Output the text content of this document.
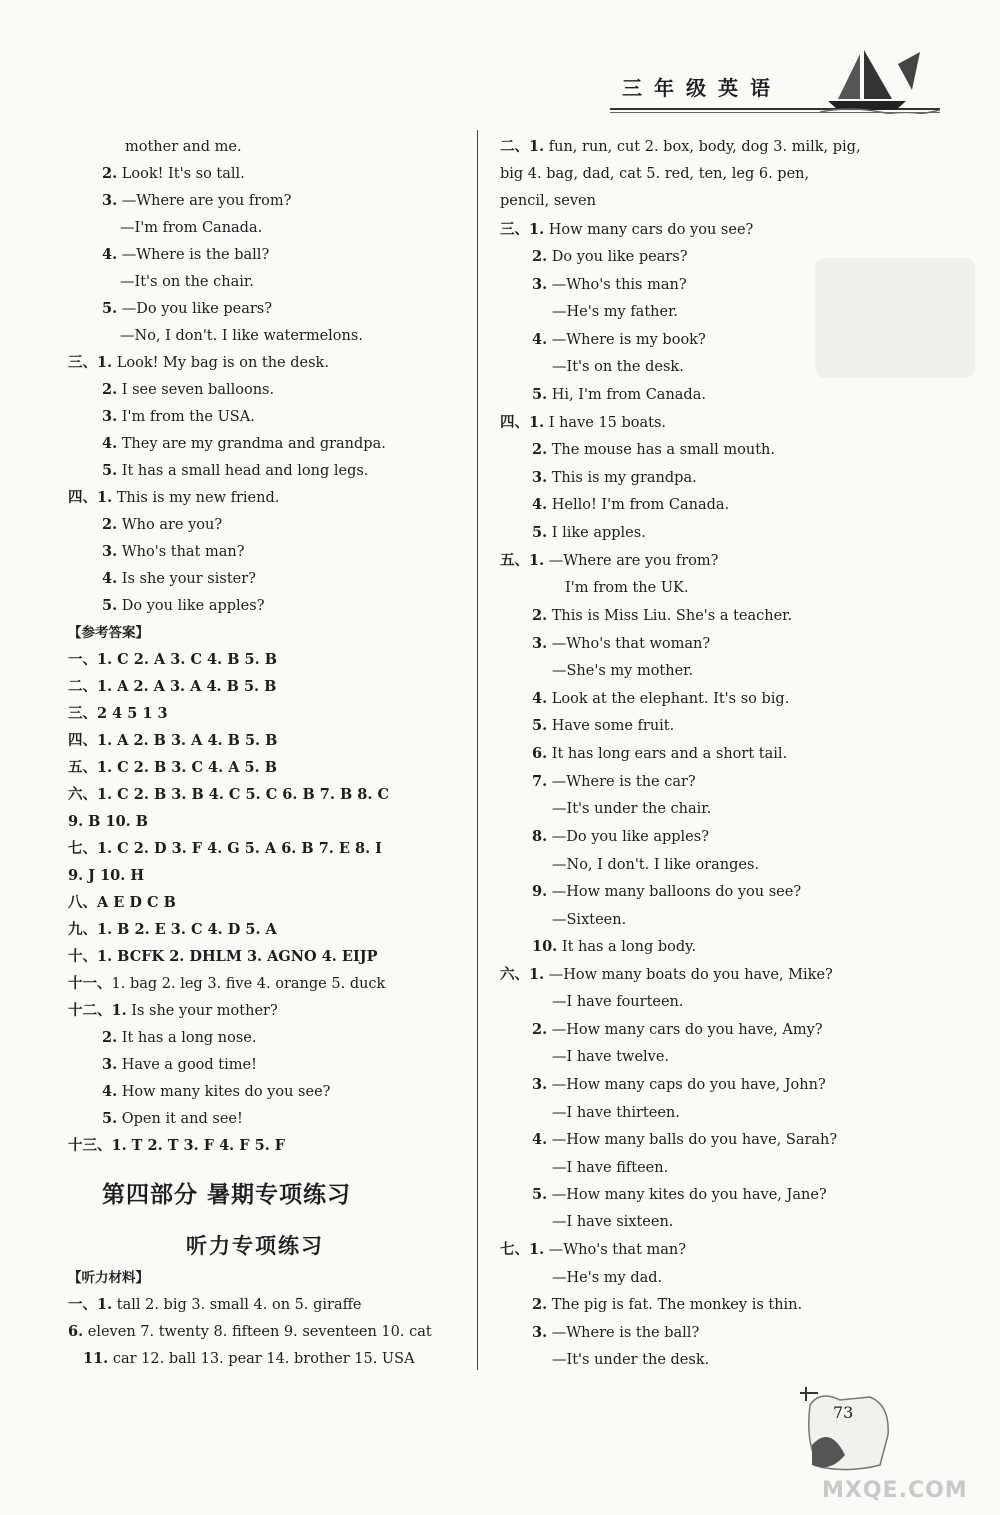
三年级英语
mother and me.
2. Look! It's so tall.
3. —Where are you from?
—I'm from Canada.
4. —Where is the ball?
—It's on the chair.
5. —Do you like pears?
—No, I don't. I like watermelons.
三、1. Look! My bag is on the desk.
2. I see seven balloons.
3. I'm from the USA.
4. They are my grandma and grandpa.
5. It has a small head and long legs.
四、1. This is my new friend.
2. Who are you?
3. Who's that man?
4. Is she your sister?
5. Do you like apples?
【参考答案】
一、1. C 2. A 3. C 4. B 5. B
二、1. A 2. A 3. A 4. B 5. B
三、2 4 5 1 3
四、1. A 2. B 3. A 4. B 5. B
五、1. C 2. B 3. C 4. A 5. B
六、1. C 2. B 3. B 4. C 5. C 6. B 7. B 8. C
9. B 10. B
七、1. C 2. D 3. F 4. G 5. A 6. B 7. E 8. I
9. J 10. H
八、A E D C B
九、1. B 2. E 3. C 4. D 5. A
十、1. BCFK 2. DHLM 3. AGNO 4. EIJP
十一、1. bag 2. leg 3. five 4. orange 5. duck
十二、1. Is she your mother?
2. It has a long nose.
3. Have a good time!
4. How many kites do you see?
5. Open it and see!
十三、1. T 2. T 3. F 4. F 5. F
【听力材料】
一、1. tall 2. big 3. small 4. on 5. giraffe
6. eleven 7. twenty 8. fifteen 9. seventeen 10. cat
11. car 12. ball 13. pear 14. brother 15. USA
第四部分 暑期专项练习
听力专项练习
二、1. fun, run, cut 2. box, body, dog 3. milk, pig,
big 4. bag, dad, cat 5. red, ten, leg 6. pen,
pencil, seven
三、1. How many cars do you see?
2. Do you like pears?
3. —Who's this man?
—He's my father.
4. —Where is my book?
—It's on the desk.
5. Hi, I'm from Canada.
四、1. I have 15 boats.
2. The mouse has a small mouth.
3. This is my grandpa.
4. Hello! I'm from Canada.
5. I like apples.
五、1. —Where are you from?
I'm from the UK.
2. This is Miss Liu. She's a teacher.
3. —Who's that woman?
—She's my mother.
4. Look at the elephant. It's so big.
5. Have some fruit.
6. It has long ears and a short tail.
7. —Where is the car?
—It's under the chair.
8. —Do you like apples?
—No, I don't. I like oranges.
9. —How many balloons do you see?
—Sixteen.
10. It has a long body.
六、1. —How many boats do you have, Mike?
—I have fourteen.
2. —How many cars do you have, Amy?
—I have twelve.
3. —How many caps do you have, John?
—I have thirteen.
4. —How many balls do you have, Sarah?
—I have fifteen.
5. —How many kites do you have, Jane?
—I have sixteen.
七、1. —Who's that man?
—He's my dad.
2. The pig is fat. The monkey is thin.
3. —Where is the ball?
—It's under the desk.
73
MXQE.COM
